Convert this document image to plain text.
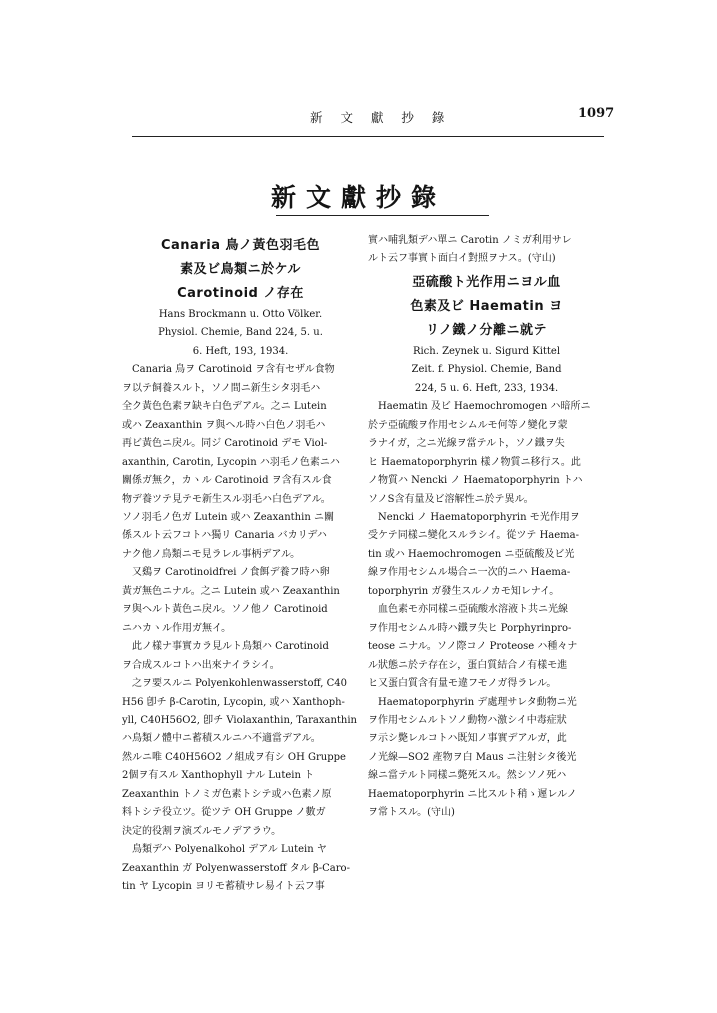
新 文 獻 抄 錄	1097
新文獻抄錄
Canaria 鳥ノ黃色羽毛色
素及ビ鳥類ニ於ケル
Carotinoid ノ存在
Hans Brockmann u. Otto Völker.
Physiol. Chemie, Band 224, 5. u.
6. Heft, 193, 1934.
Canaria 鳥ヲ Carotinoid ヲ含有セザル食物
ヲ以テ飼養スルト，ソノ間ニ新生シタ羽毛ハ
全ク黃色色素ヲ缺キ白色デアル。之ニ Lutein
或ハ Zeaxanthin ヲ與ヘル時ハ白色ノ羽毛ハ
再ビ黃色ニ戾ル。同ジ Carotinoid デモ Viol-
axanthin, Carotin, Lycopin ハ羽毛ノ色素ニハ
關係ガ無ク，カヽル Carotinoid ヲ含有スル食
物デ養ツテ見テモ新生スル羽毛ハ白色デアル。
ソノ羽毛ノ色ガ Lutein 或ハ Zeaxanthin ニ關
係スルト云フコトハ獨リ Canaria バカリデハ
ナク他ノ鳥類ニモ見ラレル事柄デアル。
又鷄ヲ Carotinoidfrei ノ食餌デ養フ時ハ卵
黃ガ無色ニナル。之ニ Lutein 或ハ Zeaxanthin
ヲ與ヘルト黃色ニ戾ル。ソノ他ノ Carotinoid
ニハカヽル作用ガ無イ。
此ノ樣ナ事實カラ見ルト鳥類ハ Carotinoid
ヲ合成スルコトハ出來ナイラシイ。
之ヲ要スルニ Polyenkohlenwasserstoff, C40
H56 卽チ β-Carotin, Lycopin, 或ハ Xanthoph-
yll, C40H56O2, 卽チ Violaxanthin, Taraxanthin
ハ鳥類ノ體中ニ蓄積スルニハ不適當デアル。
然ルニ唯 C40H56O2 ノ組成ヲ有シ OH Gruppe
2個ヲ有スル Xanthophyll ナル Lutein ト
Zeaxanthin トノミガ色素トシテ或ハ色素ノ原
料トシテ役立ツ。從ツテ OH Gruppe ノ數ガ
決定的役割ヲ演ズルモノデアラウ。
鳥類デハ Polyenalkohol デアル Lutein ヤ
Zeaxanthin ガ Polyenwasserstoff タル β-Caro-
tin ヤ Lycopin ヨリモ蓄積サレ易イト云フ事
實ハ哺乳類デハ單ニ Carotin ノミガ利用サレ
ルト云フ事實ト面白イ對照ヲナス。(守山)
亞硫酸ト光作用ニヨル血
色素及ビ Haematin ヨ
リノ鐵ノ分離ニ就テ
Rich. Zeynek u. Sigurd Kittel
Zeit. f. Physiol. Chemie, Band
224, 5 u. 6. Heft, 233, 1934.
Haematin 及ビ Haemochromogen ハ暗所ニ
於テ亞硫酸ヲ作用セシムルモ何等ノ變化ヲ蒙
ラナイガ，之ニ光線ヲ當テルト，ソノ鐵ヲ失
ヒ Haematoporphyrin 樣ノ物質ニ移行ス。此
ノ物質ハ Nencki ノ Haematoporphyrin トハ
ソノS含有量及ビ溶解性ニ於テ異ル。
Nencki ノ Haematoporphyrin モ光作用ヲ
受ケテ同樣ニ變化スルラシイ。從ツテ Haema-
tin 或ハ Haemochromogen ニ亞硫酸及ビ光
線ヲ作用セシムル場合ニ一次的ニハ Haema-
toporphyrin ガ發生スルノカモ知レナイ。
血色素モ亦同樣ニ亞硫酸水溶液ト共ニ光線
ヲ作用セシムル時ハ鐵ヲ失ヒ Porphyrinpro-
teose ニナル。ソノ際コノ Proteose ハ種々ナ
ル狀態ニ於テ存在シ，蛋白質結合ノ有樣モ進
ヒ又蛋白質含有量モ違フモノガ得ラレル。
Haematoporphyrin デ處理サレタ動物ニ光
ヲ作用セシムルトソノ動物ハ激シイ中毒症狀
ヲ示シ斃レルコトハ既知ノ事實デアルガ，此
ノ光線—SO2 產物ヲ白 Maus ニ注射シタ後光
線ニ當テルト同樣ニ斃死スル。然シソノ死ハ
Haematoporphyrin ニ比スルト稍ゝ遲レルノ
ヲ常トスル。(守山)
